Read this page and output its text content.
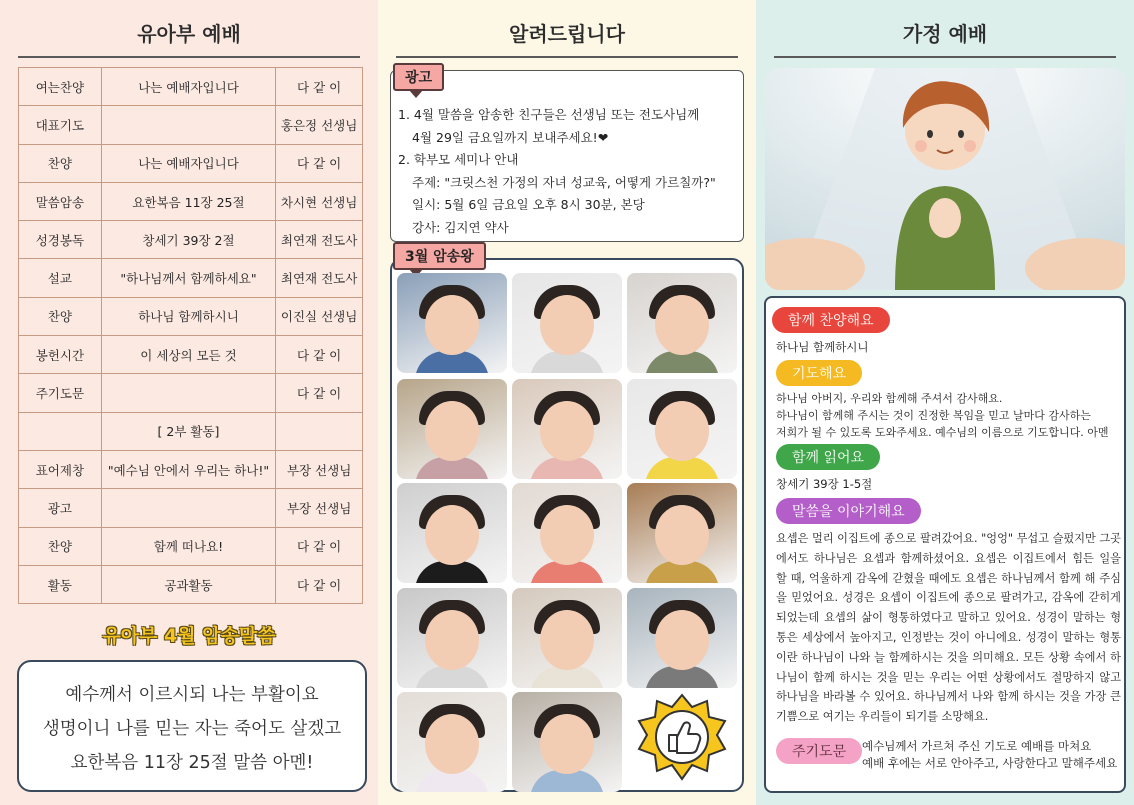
유아부 예배
유아부 4월 암송말씀
예수께서 이르시되 나는 부활이요
생명이니 나를 믿는 자는 죽어도 살겠고
요한복음 11장 25절 말씀 아멘!
여는찬양	나는 예배자입니다	다 같 이
대표기도		홍은정 선생님
찬양	나는 예배자입니다	다 같 이
말씀암송	요한복음 11장 25절	차시현 선생님
성경봉독	창세기 39장 2절	최연재 전도사
설교	"하나님께서 함께하세요"	최연재 전도사
찬양	하나님 함께하시니	이진실 선생님
봉헌시간	이 세상의 모든 것	다 같 이
주기도문		다 같 이
	[ 2부 활동]	
표어제창	"예수님 안에서 우리는 하나!"	부장 선생님
광고		부장 선생님
찬양	함께 떠나요!	다 같 이
활동	공과활동	다 같 이
알려드립니다
광고
1. 4월 말씀을 암송한 친구들은 선생님 또는 전도사님께
4월 29일 금요일까지 보내주세요!❤
2. 학부모 세미나 안내
주제: "크릿스천 가정의 자녀 성교육, 어떻게 가르칠까?"
일시: 5월 6일 금요일 오후 8시 30분, 본당
강사: 김지연 약사
3월 암송왕
가정 예배
함께 찬양해요
하나님 함께하시니
기도해요
하나님 아버지, 우리와 함께해 주셔서 감사해요.
하나님이 함께해 주시는 것이 진정한 복임을 믿고 날마다 감사하는
저희가 될 수 있도록 도와주세요. 예수님의 이름으로 기도합니다. 아멘
함께 읽어요
창세기 39장 1-5절
말씀을 이야기해요
요셉은 멀리 이집트에 종으로 팔려갔어요. "엉엉" 무섭고 슬펐지만 그곳에서도 하나님은 요셉과 함께하셨어요. 요셉은 이집트에서 힘든 일을 할 때, 억울하게 감옥에 갇혔을 때에도 요셉은 하나님께서 함께 해 주심을 믿었어요. 성경은 요셉이 이집트에 종으로 팔려가고, 감옥에 갇히게 되었는데 요셉의 삶이 형통하였다고 말하고 있어요. 성경이 말하는 형통은 세상에서 높아지고, 인정받는 것이 아니에요. 성경이 말하는 형통이란 하나님이 나와 늘 함께하시는 것을 의미해요. 모든 상황 속에서 하나님이 함께 하시는 것을 믿는 우리는 어떤 상황에서도 절망하지 않고 하나님을 바라볼 수 있어요. 하나님께서 나와 함께 하시는 것을 가장 큰 기쁨으로 여기는 우리들이 되기를 소망해요.
주기도문	예수님께서 가르쳐 주신 기도로 예배를 마쳐요
예배 후에는 서로 안아주고, 사랑한다고 말해주세요
